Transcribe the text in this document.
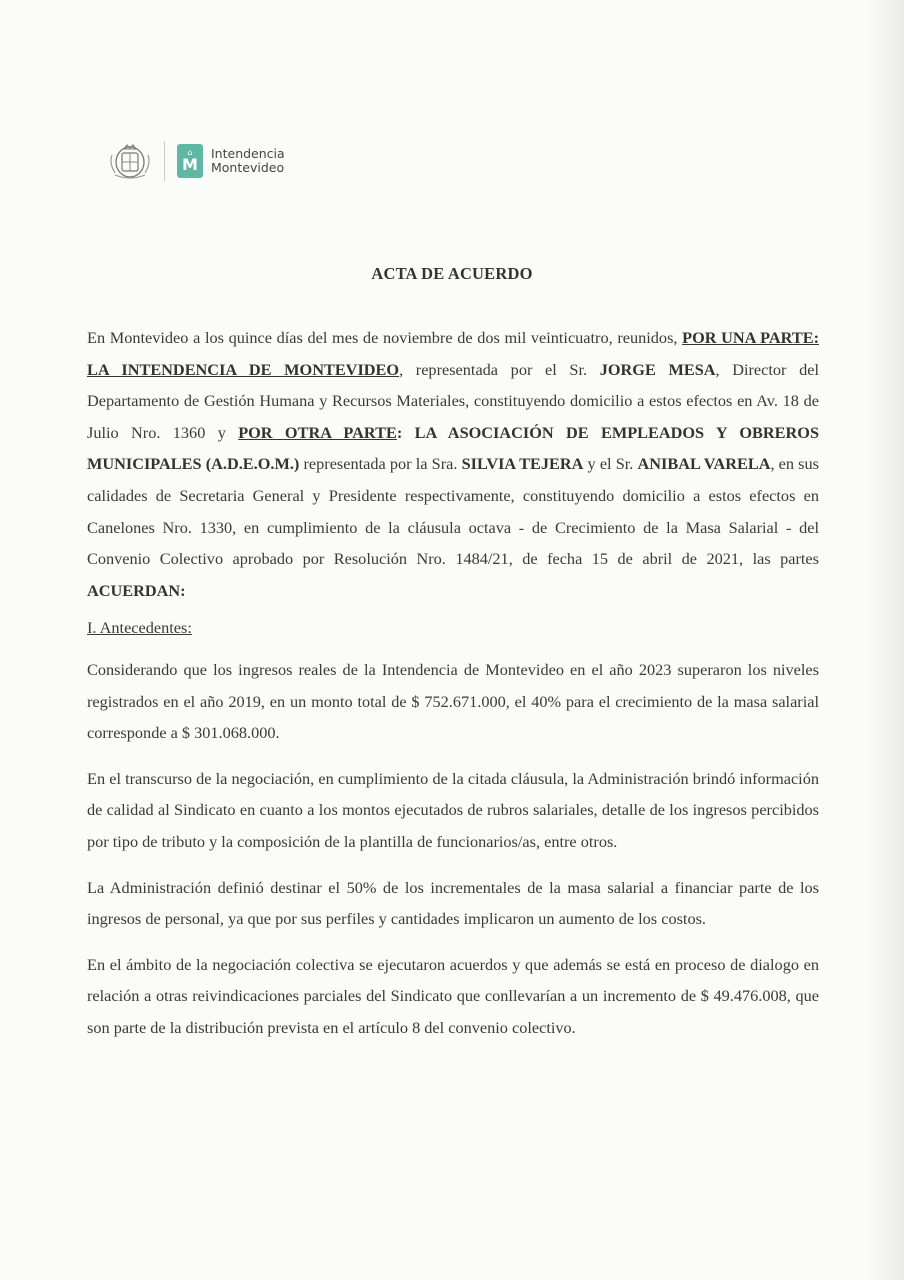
⌂
M
Intendencia
Montevideo
ACTA DE ACUERDO

En Montevideo a los quince días del mes de noviembre de dos mil veinticuatro, reunidos, POR UNA PARTE: LA INTENDENCIA DE MONTEVIDEO, representada por el Sr. JORGE MESA, Director del Departamento de Gestión Humana y Recursos Materiales, constituyendo domicilio a estos efectos en Av. 18 de Julio Nro. 1360 y POR OTRA PARTE: LA ASOCIACIÓN DE EMPLEADOS Y OBREROS MUNICIPALES (A.D.E.O.M.) representada por la Sra. SILVIA TEJERA y el Sr. ANIBAL VARELA, en sus calidades de Secretaria General y Presidente respectivamente, constituyendo domicilio a estos efectos en Canelones Nro. 1330, en cumplimiento de la cláusula octava - de Crecimiento de la Masa Salarial - del Convenio Colectivo aprobado por Resolución Nro. 1484/21, de fecha 15 de abril de 2021, las partes ACUERDAN:

I. Antecedentes:

Considerando que los ingresos reales de la Intendencia de Montevideo en el año 2023 superaron los niveles registrados en el año 2019, en un monto total de $ 752.671.000, el 40% para el crecimiento de la masa salarial corresponde a $ 301.068.000.

En el transcurso de la negociación, en cumplimiento de la citada cláusula, la Administración brindó información de calidad al Sindicato en cuanto a los montos ejecutados de rubros salariales, detalle de los ingresos percibidos por tipo de tributo y la composición de la plantilla de funcionarios/as, entre otros.

La Administración definió destinar el 50% de los incrementales de la masa salarial a financiar parte de los ingresos de personal, ya que por sus perfiles y cantidades implicaron un aumento de los costos.

En el ámbito de la negociación colectiva se ejecutaron acuerdos y que además se está en proceso de dialogo en relación a otras reivindicaciones parciales del Sindicato que conllevarían a un incremento de $ 49.476.008, que son parte de la distribución prevista en el artículo 8 del convenio colectivo.
